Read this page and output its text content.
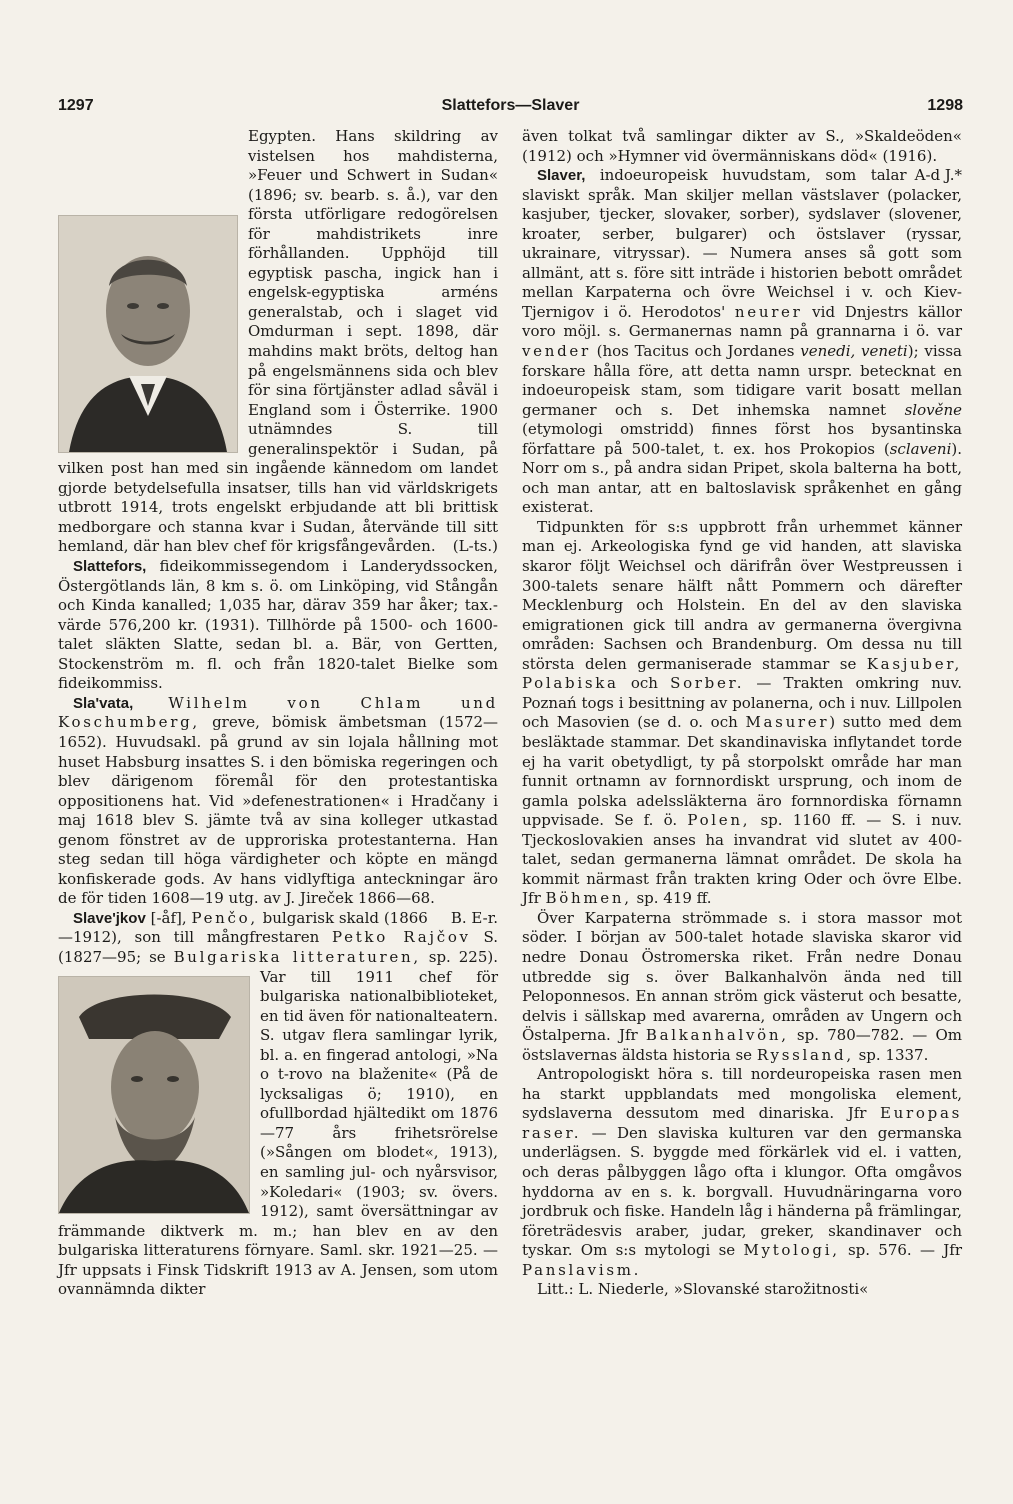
1297	Slattefors—Slaver	1298

Egypten. Hans skildring av vistelsen hos mahdisterna, »Feuer und Schwert in Sudan« (1896; sv. bearb. s. å.), var den första utförligare redogörelsen för mahdistrikets inre förhållanden. Upphöjd till egyptisk pascha, ingick han i engelsk-egyptiska arméns generalstab, och i slaget vid Omdurman i sept. 1898, där mahdins makt bröts, deltog han på engelsmännens sida och blev för sina förtjänster adlad såväl i England som i Österrike. 1900 utnämndes S. till generalinspektör i Sudan, på vilken post han med sin ingående kännedom om landet gjorde betydelsefulla insatser, tills han vid världskrigets utbrott 1914, trots engelskt erbjudande att bli brittisk medborgare och stanna kvar i Sudan, återvände till sitt hemland, där han blev chef för krigsfångevården. (L-ts.)

Slattefors, fideikommissegendom i Landerydssocken, Östergötlands län, 8 km s. ö. om Linköping, vid Stångån och Kinda kanalled; 1,035 har, därav 359 har åker; tax.-värde 576,200 kr. (1931). Tillhörde på 1500- och 1600-talet släkten Slatte, sedan bl. a. Bär, von Gertten, Stockenström m. fl. och från 1820-talet Bielke som fideikommiss.

Sla'vata, Wilhelm von Chlam und Koschumberg, greve, bömisk ämbetsman (1572—1652). Huvudsakl. på grund av sin lojala hållning mot huset Habsburg insattes S. i den bömiska regeringen och blev därigenom föremål för den protestantiska oppositionens hat. Vid »defenestrationen« i Hradčany i maj 1618 blev S. jämte två av sina kolleger utkastad genom fönstret av de upproriska protestanterna. Han steg sedan till höga värdigheter och köpte en mängd konfiskerade gods. Av hans vidlyftiga anteckningar äro de för tiden 1608—19 utg. av J. Jireček 1866—68.
B. E-r.

Slave'jkov [-åf], Penčo, bulgarisk skald (1866—1912), son till mångfrestaren Petko Rajčov S. (1827—95; se Bulgariska litteraturen,
sp. 225). Var till 1911 chef för bulgariska nationalbiblioteket, en tid även för nationalteatern. S. utgav flera samlingar lyrik, bl. a. en fingerad antologi, »Na o t-rovo na blaženite« (På de lycksaligas ö; 1910), en ofullbordad hjältedikt om 1876—77 års frihetsrörelse (»Sången om blodet«, 1913), en samling jul- och nyårsvisor, »Koledari« (1903; sv. övers. 1912), samt översättningar av främmande diktverk m. m.; han blev en av den bulgariska litteraturens förnyare. Saml. skr. 1921—25. — Jfr uppsats i Finsk Tidskrift 1913 av A. Jensen, som utom ovannämnda dikter

även tolkat två samlingar dikter av S., »Skaldeöden« (1912) och »Hymner vid övermänniskans död« (1916).
A-d J.*

Slaver, indoeuropeisk huvudstam, som talar slaviskt språk. Man skiljer mellan västslaver (polacker, kasjuber, tjecker, slovaker, sorber), sydslaver (slovener, kroater, serber, bulgarer) och östslaver (ryssar, ukrainare, vitryssar). — Numera anses så gott som allmänt, att s. före sitt inträde i historien bebott området mellan Karpaterna och övre Weichsel i v. och Kiev-Tjernigov i ö. Herodotos' neurer vid Dnjestrs källor voro möjl. s. Germanernas namn på grannarna i ö. var vender (hos Tacitus och Jordanes venedi, veneti); vissa forskare hålla före, att detta namn urspr. betecknat en indoeuropeisk stam, som tidigare varit bosatt mellan germaner och s. Det inhemska namnet slověne (etymologi omstridd) finnes först hos bysantinska författare på 500-talet, t. ex. hos Prokopios (sclaveni). Norr om s., på andra sidan Pripet, skola balterna ha bott, och man antar, att en baltoslavisk språkenhet en gång existerat.

Tidpunkten för s:s uppbrott från urhemmet känner man ej. Arkeologiska fynd ge vid handen, att slaviska skaror följt Weichsel och därifrån över Westpreussen i 300-talets senare hälft nått Pommern och därefter Mecklenburg och Holstein. En del av den slaviska emigrationen gick till andra av germanerna övergivna områden: Sachsen och Brandenburg. Om dessa nu till största delen germaniserade stammar se Kasjuber, Polabiska och Sorber. — Trakten omkring nuv. Poznań togs i besittning av polanerna, och i nuv. Lillpolen och Masovien (se d. o. och Masurer) sutto med dem besläktade stammar. Det skandinaviska inflytandet torde ej ha varit obetydligt, ty på storpolskt område har man funnit ortnamn av fornnordiskt ursprung, och inom de gamla polska adelssläkterna äro fornnordiska förnamn uppvisade. Se f. ö. Polen, sp. 1160 ff. — S. i nuv. Tjeckoslovakien anses ha invandrat vid slutet av 400-talet, sedan germanerna lämnat området. De skola ha kommit närmast från trakten kring Oder och övre Elbe. Jfr Böhmen, sp. 419 ff.

Över Karpaterna strömmade s. i stora massor mot söder. I början av 500-talet hotade slaviska skaror vid nedre Donau Östromerska riket. Från nedre Donau utbredde sig s. över Balkanhalvön ända ned till Peloponnesos. En annan ström gick västerut och besatte, delvis i sällskap med avarerna, områden av Ungern och Östalperna. Jfr Balkanhalvön, sp. 780—782. — Om östslavernas äldsta historia se Ryssland, sp. 1337.

Antropologiskt höra s. till nordeuropeiska rasen men ha starkt uppblandats med mongoliska element, sydslaverna dessutom med dinariska. Jfr Europas raser. — Den slaviska kulturen var den germanska underlägsen. S. byggde med förkärlek vid el. i vatten, och deras pålbyggen lågo ofta i klungor. Ofta omgåvos hyddorna av en s. k. borgvall. Huvudnäringarna voro jordbruk och fiske. Handeln låg i händerna på främlingar, företrädesvis araber, judar, greker, skandinaver och tyskar. Om s:s mytologi se Mytologi, sp. 576. — Jfr Panslavism.

Litt.: L. Niederle, »Slovanské starožitnosti«
